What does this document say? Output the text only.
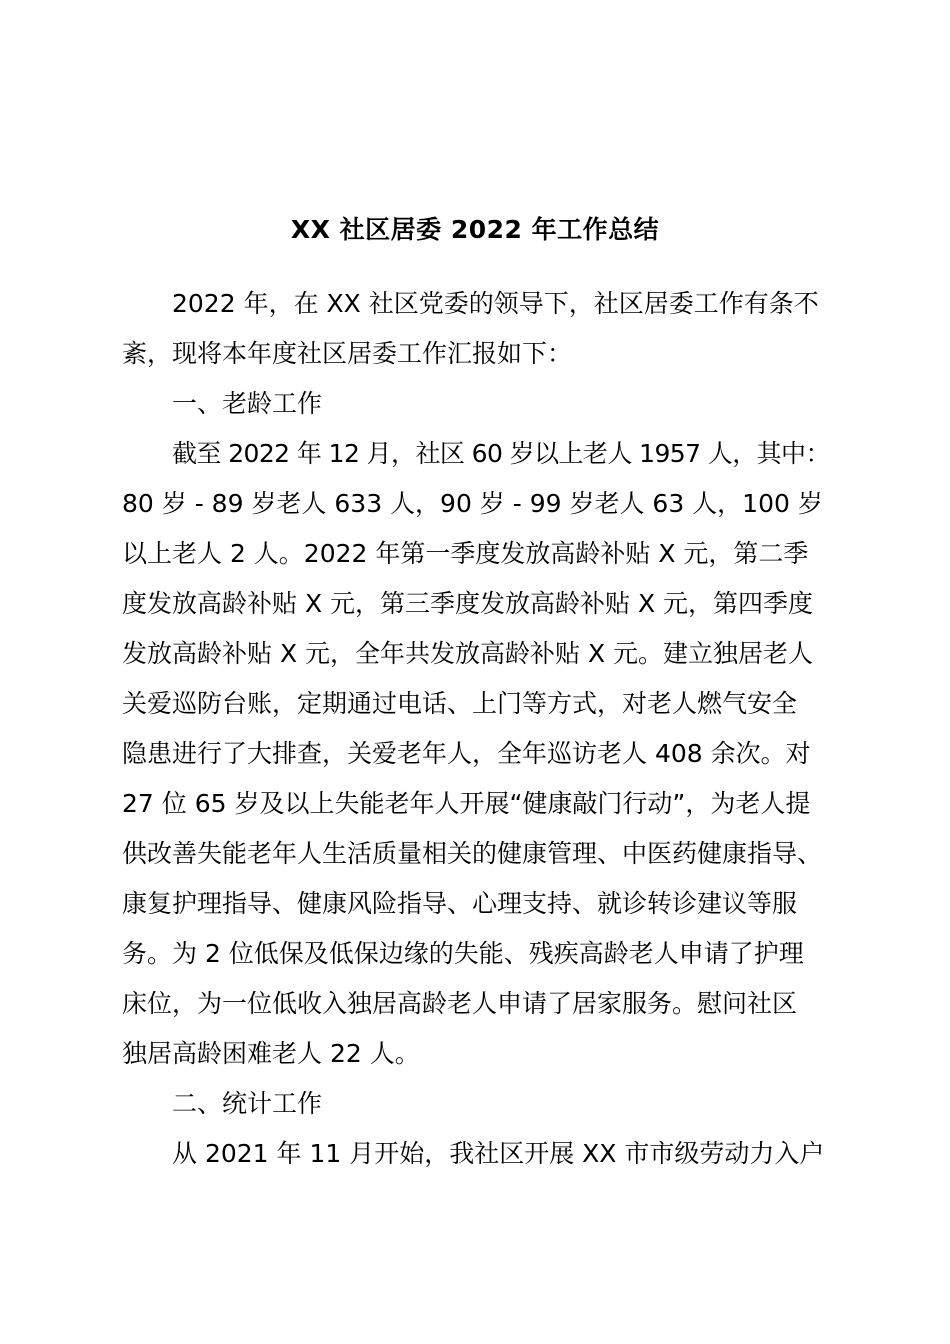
XX 社区居委 2022 年工作总结
2022 年，在 XX 社区党委的领导下，社区居委工作有条不
紊，现将本年度社区居委工作汇报如下：
一、老龄工作
截至 2022 年 12 月，社区 60 岁以上老人 1957 人，其中：
80 岁 - 89 岁老人 633 人，90 岁 - 99 岁老人 63 人，100 岁
以上老人 2 人。2022 年第一季度发放高龄补贴 X 元，第二季
度发放高龄补贴 X 元，第三季度发放高龄补贴 X 元，第四季度
发放高龄补贴 X 元，全年共发放高龄补贴 X 元。建立独居老人
关爱巡防台账，定期通过电话、上门等方式，对老人燃气安全
隐患进行了大排查，关爱老年人，全年巡访老人 408 余次。对
27 位 65 岁及以上失能老年人开展“健康敲门行动”，为老人提
供改善失能老年人生活质量相关的健康管理、中医药健康指导、
康复护理指导、健康风险指导、心理支持、就诊转诊建议等服
务。为 2 位低保及低保边缘的失能、残疾高龄老人申请了护理
床位，为一位低收入独居高龄老人申请了居家服务。慰问社区
独居高龄困难老人 22 人。
二、统计工作
从 2021 年 11 月开始，我社区开展 XX 市市级劳动力入户
